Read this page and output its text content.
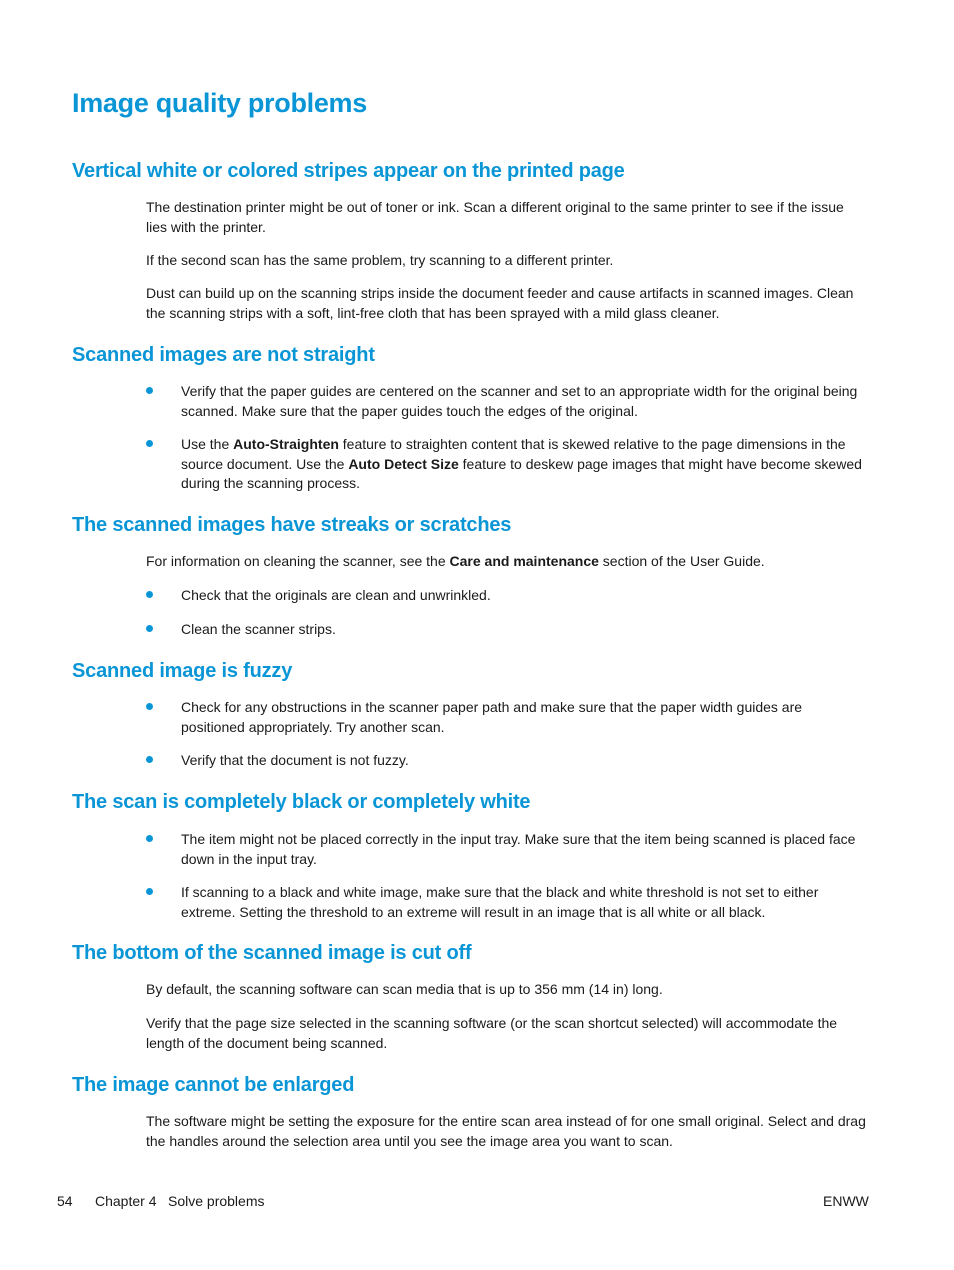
Image quality problems
Vertical white or colored stripes appear on the printed page

The destination printer might be out of toner or ink. Scan a different original to the same printer to see if the issue lies with the printer.

If the second scan has the same problem, try scanning to a different printer.

Dust can build up on the scanning strips inside the document feeder and cause artifacts in scanned images. Clean the scanning strips with a soft, lint-free cloth that has been sprayed with a mild glass cleaner.

Scanned images are not straight
Verify that the paper guides are centered on the scanner and set to an appropriate width for the original being scanned. Make sure that the paper guides touch the edges of the original.
Use the Auto-Straighten feature to straighten content that is skewed relative to the page dimensions in the source document. Use the Auto Detect Size feature to deskew page images that might have become skewed during the scanning process.
The scanned images have streaks or scratches

For information on cleaning the scanner, see the Care and maintenance section of the User Guide.

Check that the originals are clean and unwrinkled.
Clean the scanner strips.
Scanned image is fuzzy
Check for any obstructions in the scanner paper path and make sure that the paper width guides are positioned appropriately. Try another scan.
Verify that the document is not fuzzy.
The scan is completely black or completely white
The item might not be placed correctly in the input tray. Make sure that the item being scanned is placed face down in the input tray.
If scanning to a black and white image, make sure that the black and white threshold is not set to either extreme. Setting the threshold to an extreme will result in an image that is all white or all black.
The bottom of the scanned image is cut off

By default, the scanning software can scan media that is up to 356 mm (14 in) long.

Verify that the page size selected in the scanning software (or the scan shortcut selected) will accommodate the length of the document being scanned.

The image cannot be enlarged

The software might be setting the exposure for the entire scan area instead of for one small original. Select and drag the handles around the selection area until you see the image area you want to scan.

54 Chapter 4 Solve problems	ENWW
